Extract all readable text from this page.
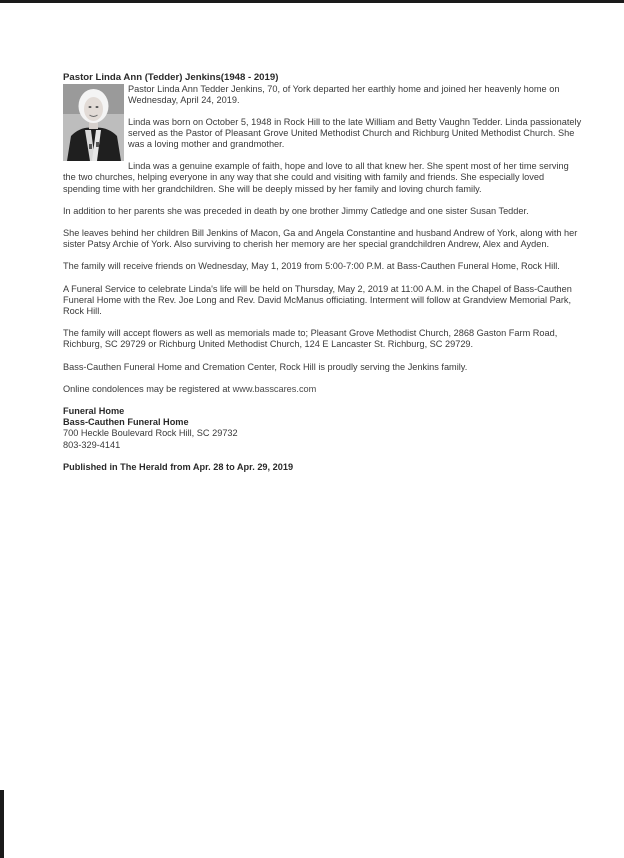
Pastor Linda Ann (Tedder) Jenkins(1948 - 2019)

Pastor Linda Ann Tedder Jenkins, 70, of York departed her earthly home and joined her heavenly home on Wednesday, April 24, 2019.

Linda was born on October 5, 1948 in Rock Hill to the late William and Betty Vaughn Tedder. Linda passionately served as the Pastor of Pleasant Grove United Methodist Church and Richburg United Methodist Church. She was a loving mother and grandmother.

Linda was a genuine example of faith, hope and love to all that knew her. She spent most of her time serving the two churches, helping everyone in any way that she could and visiting with family and friends. She especially loved spending time with her grandchildren. She will be deeply missed by her family and loving church family.

In addition to her parents she was preceded in death by one brother Jimmy Catledge and one sister Susan Tedder.

She leaves behind her children Bill Jenkins of Macon, Ga and Angela Constantine and husband Andrew of York, along with her sister Patsy Archie of York. Also surviving to cherish her memory are her special grandchildren Andrew, Alex and Ayden.

The family will receive friends on Wednesday, May 1, 2019 from 5:00-7:00 P.M. at Bass-Cauthen Funeral Home, Rock Hill.

A Funeral Service to celebrate Linda's life will be held on Thursday, May 2, 2019 at 11:00 A.M. in the Chapel of Bass-Cauthen Funeral Home with the Rev. Joe Long and Rev. David McManus officiating. Interment will follow at Grandview Memorial Park, Rock Hill.

The family will accept flowers as well as memorials made to; Pleasant Grove Methodist Church, 2868 Gaston Farm Road, Richburg, SC 29729 or Richburg United Methodist Church, 124 E Lancaster St. Richburg, SC 29729.

Bass-Cauthen Funeral Home and Cremation Center, Rock Hill is proudly serving the Jenkins family.

Online condolences may be registered at www.basscares.com

Funeral Home
Bass-Cauthen Funeral Home
700 Heckle Boulevard Rock Hill, SC 29732
803-329-4141
Published in The Herald from Apr. 28 to Apr. 29, 2019
